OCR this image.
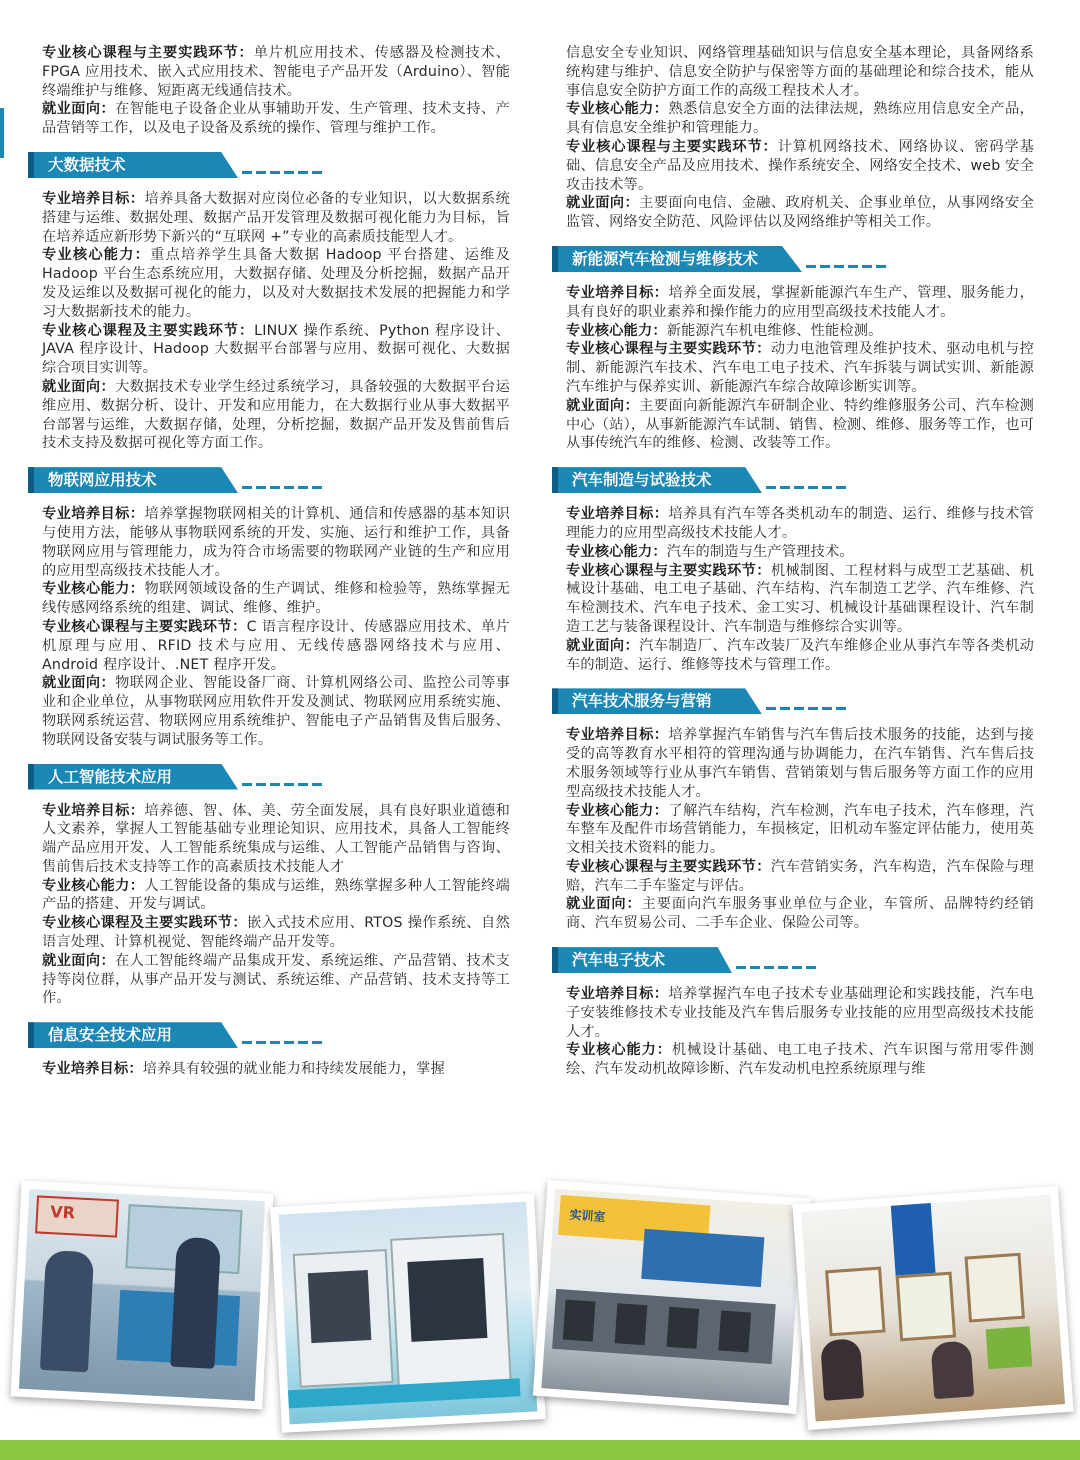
专业核心课程与主要实践环节：单片机应用技术、传感器及检测技术、FPGA 应用技术、嵌入式应用技术、智能电子产品开发（Arduino）、智能终端维护与维修、短距离无线通信技术。

就业面向：在智能电子设备企业从事辅助开发、生产管理、技术支持、产品营销等工作，以及电子设备及系统的操作、管理与维护工作。

大数据技术

专业培养目标：培养具备大数据对应岗位必备的专业知识，以大数据系统搭建与运维、数据处理、数据产品开发管理及数据可视化能力为目标，旨在培养适应新形势下新兴的“互联网 +”专业的高素质技能型人才。

专业核心能力：重点培养学生具备大数据 Hadoop 平台搭建、运维及 Hadoop 平台生态系统应用，大数据存储、处理及分析挖掘，数据产品开发及运维以及数据可视化的能力，以及对大数据技术发展的把握能力和学习大数据新技术的能力。

专业核心课程及主要实践环节：LINUX 操作系统、Python 程序设计、JAVA 程序设计、Hadoop 大数据平台部署与应用、数据可视化、大数据综合项目实训等。

就业面向：大数据技术专业学生经过系统学习，具备较强的大数据平台运维应用、数据分析、设计、开发和应用能力，在大数据行业从事大数据平台部署与运维，大数据存储，处理，分析挖掘，数据产品开发及售前售后技术支持及数据可视化等方面工作。

物联网应用技术

专业培养目标：培养掌握物联网相关的计算机、通信和传感器的基本知识与使用方法，能够从事物联网系统的开发、实施、运行和维护工作，具备物联网应用与管理能力，成为符合市场需要的物联网产业链的生产和应用的应用型高级技术技能人才。

专业核心能力：物联网领域设备的生产调试、维修和检验等，熟练掌握无线传感网络系统的组建、调试、维修、维护。

专业核心课程与主要实践环节：C 语言程序设计、传感器应用技术、单片机原理与应用、RFID 技术与应用、无线传感器网络技术与应用、Android 程序设计、.NET 程序开发。

就业面向：物联网企业、智能设备厂商、计算机网络公司、监控公司等事业和企业单位，从事物联网应用软件开发及测试、物联网应用系统实施、物联网系统运营、物联网应用系统维护、智能电子产品销售及售后服务、物联网设备安装与调试服务等工作。

人工智能技术应用

专业培养目标：培养德、智、体、美、劳全面发展，具有良好职业道德和人文素养，掌握人工智能基础专业理论知识、应用技术，具备人工智能终端产品应用开发、人工智能系统集成与运维、人工智能产品销售与咨询、售前售后技术支持等工作的高素质技术技能人才

专业核心能力：人工智能设备的集成与运维，熟练掌握多种人工智能终端产品的搭建、开发与调试。

专业核心课程及主要实践环节：嵌入式技术应用、RTOS 操作系统、自然语言处理、计算机视觉、智能终端产品开发等。

就业面向：在人工智能终端产品集成开发、系统运维、产品营销、技术支持等岗位群，从事产品开发与测试、系统运维、产品营销、技术支持等工作。

信息安全技术应用

专业培养目标：培养具有较强的就业能力和持续发展能力，掌握

信息安全专业知识、网络管理基础知识与信息安全基本理论，具备网络系统构建与维护、信息安全防护与保密等方面的基础理论和综合技术，能从事信息安全防护方面工作的高级工程技术人才。

专业核心能力：熟悉信息安全方面的法律法规，熟练应用信息安全产品，具有信息安全维护和管理能力。

专业核心课程与主要实践环节：计算机网络技术、网络协议、密码学基础、信息安全产品及应用技术、操作系统安全、网络安全技术、web 安全攻击技术等。

就业面向：主要面向电信、金融、政府机关、企事业单位，从事网络安全监管、网络安全防范、风险评估以及网络维护等相关工作。

新能源汽车检测与维修技术

专业培养目标：培养全面发展，掌握新能源汽车生产、管理、服务能力，具有良好的职业素养和操作能力的应用型高级技术技能人才。

专业核心能力：新能源汽车机电维修、性能检测。

专业核心课程与主要实践环节：动力电池管理及维护技术、驱动电机与控制、新能源汽车技术、汽车电工电子技术、汽车拆装与调试实训、新能源汽车维护与保养实训、新能源汽车综合故障诊断实训等。

就业面向：主要面向新能源汽车研制企业、特约维修服务公司、汽车检测中心（站），从事新能源汽车试制、销售、检测、维修、服务等工作，也可从事传统汽车的维修、检测、改装等工作。

汽车制造与试验技术

专业培养目标：培养具有汽车等各类机动车的制造、运行、维修与技术管理能力的应用型高级技术技能人才。

专业核心能力：汽车的制造与生产管理技术。

专业核心课程与主要实践环节：机械制图、工程材料与成型工艺基础、机械设计基础、电工电子基础、汽车结构、汽车制造工艺学、汽车维修、汽车检测技术、汽车电子技术、金工实习、机械设计基础课程设计、汽车制造工艺与装备课程设计、汽车制造与维修综合实训等。

就业面向：汽车制造厂、汽车改装厂及汽车维修企业从事汽车等各类机动车的制造、运行、维修等技术与管理工作。

汽车技术服务与营销

专业培养目标：培养掌握汽车销售与汽车售后技术服务的技能，达到与接受的高等教育水平相符的管理沟通与协调能力，在汽车销售、汽车售后技术服务领域等行业从事汽车销售、营销策划与售后服务等方面工作的应用型高级技术技能人才。

专业核心能力：了解汽车结构，汽车检测，汽车电子技术，汽车修理，汽车整车及配件市场营销能力，车损核定，旧机动车鉴定评估能力，使用英文相关技术资料的能力。

专业核心课程与主要实践环节：汽车营销实务，汽车构造，汽车保险与理赔，汽车二手车鉴定与评估。

就业面向：主要面向汽车服务事业单位与企业，车管所、品牌特约经销商、汽车贸易公司、二手车企业、保险公司等。

汽车电子技术

专业培养目标：培养掌握汽车电子技术专业基础理论和实践技能，汽车电子安装维修技术专业技能及汽车售后服务专业技能的应用型高级技术技能人才。

专业核心能力：机械设计基础、电工电子技术、汽车识图与常用零件测绘、汽车发动机故障诊断、汽车发动机电控系统原理与维

VR	实训室
